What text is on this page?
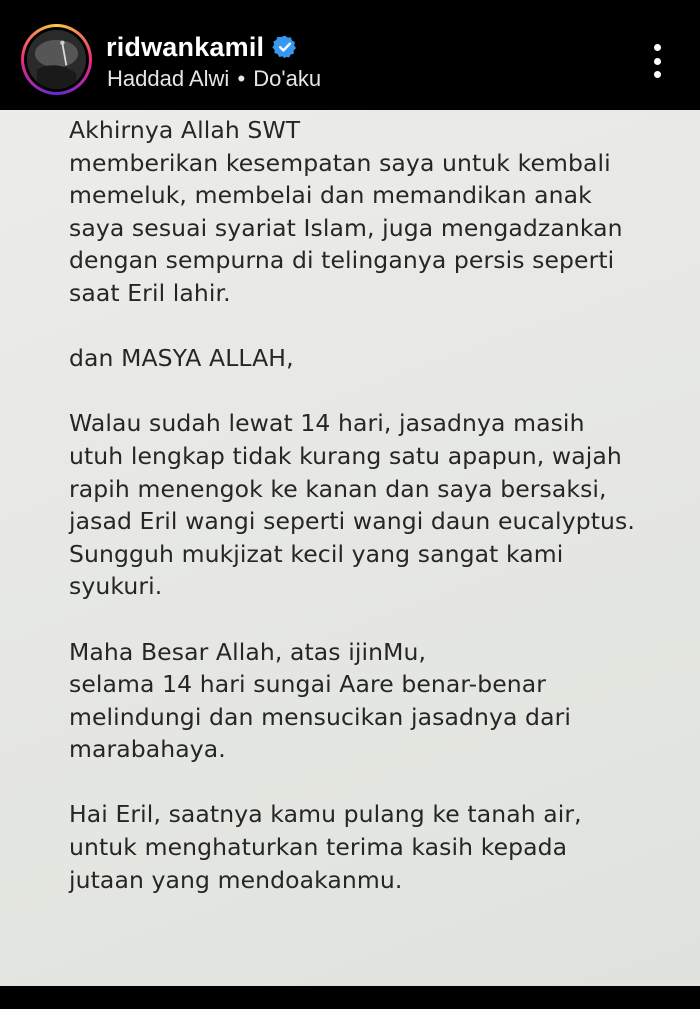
ridwankamil
Haddad Alwi • Do'aku
Akhirnya Allah SWT
memberikan kesempatan saya untuk kembali
memeluk, membelai dan memandikan anak
saya sesuai syariat Islam, juga mengadzankan
dengan sempurna di telinganya persis seperti
saat Eril lahir.
dan MASYA ALLAH,
Walau sudah lewat 14 hari, jasadnya masih
utuh lengkap tidak kurang satu apapun, wajah
rapih menengok ke kanan dan saya bersaksi,
jasad Eril wangi seperti wangi daun eucalyptus.
Sungguh mukjizat kecil yang sangat kami
syukuri.
Maha Besar Allah, atas ijinMu,
selama 14 hari sungai Aare benar-benar
melindungi dan mensucikan jasadnya dari
marabahaya.
Hai Eril, saatnya kamu pulang ke tanah air,
untuk menghaturkan terima kasih kepada
jutaan yang mendoakanmu.
